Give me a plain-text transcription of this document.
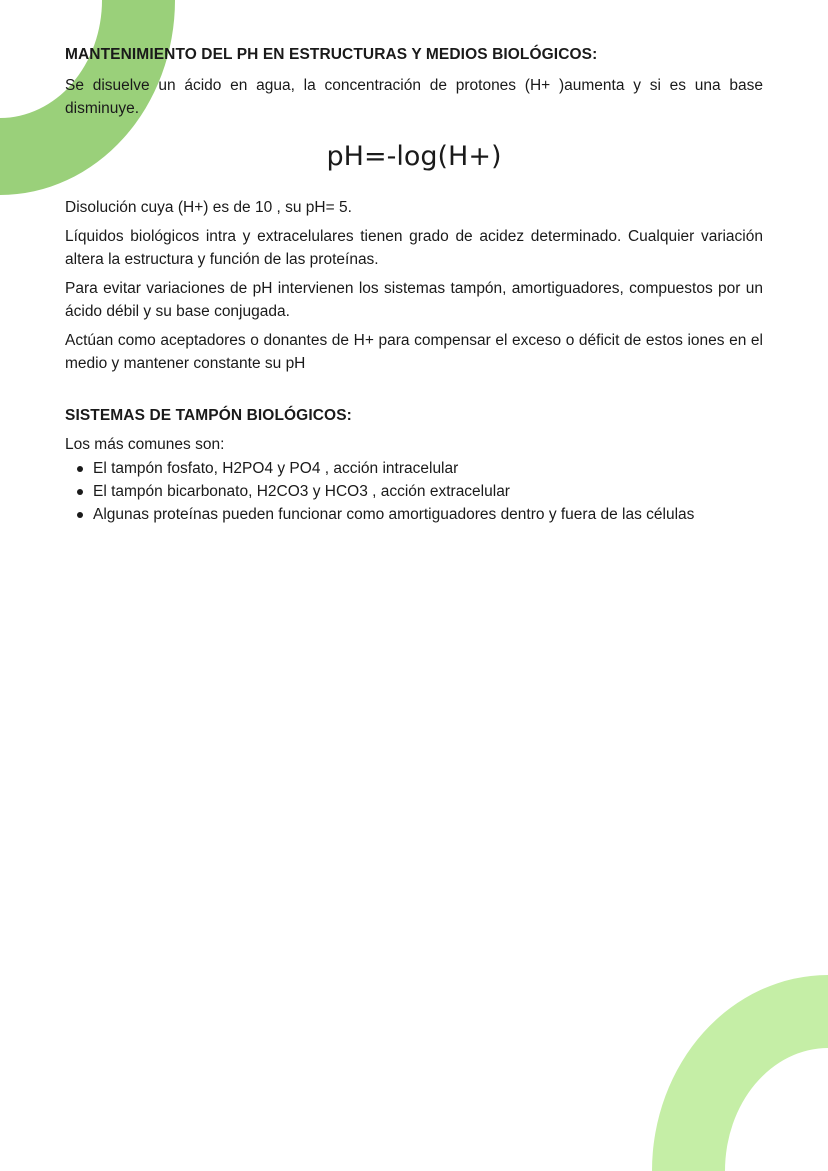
MANTENIMIENTO DEL PH EN ESTRUCTURAS Y MEDIOS BIOLÓGICOS:

Se disuelve un ácido en agua, la concentración de protones (H+ )aumenta y si es una base disminuye.

pH=-log(H+)

Disolución cuya (H+) es de 10 , su pH= 5.

Líquidos biológicos intra y extracelulares tienen grado de acidez determinado. Cualquier variación altera la estructura y función de las proteínas.

Para evitar variaciones de pH intervienen los sistemas tampón, amortiguadores, compuestos por un ácido débil y su base conjugada.

Actúan como aceptadores o donantes de H+ para compensar el exceso o déficit de estos iones en el medio y mantener constante su pH

SISTEMAS DE TAMPÓN BIOLÓGICOS:

Los más comunes son:

El tampón fosfato, H2PO4 y PO4 , acción intracelular
El tampón bicarbonato, H2CO3 y HCO3 , acción extracelular
Algunas proteínas pueden funcionar como amortiguadores dentro y fuera de las células
